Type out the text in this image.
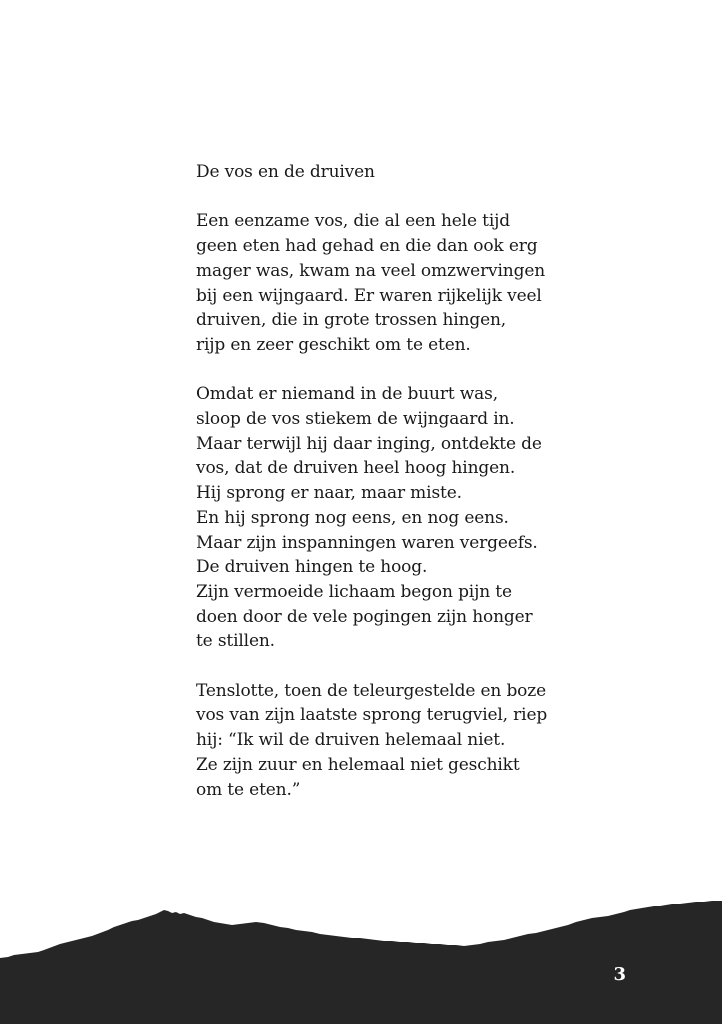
De vos en de druiven
Een eenzame vos, die al een hele tijd
geen eten had gehad en die dan ook erg
mager was, kwam na veel omzwervingen
bij een wijngaard. Er waren rijkelijk veel
druiven, die in grote trossen hingen,
rijp en zeer geschikt om te eten.
Omdat er niemand in de buurt was,
sloop de vos stiekem de wijngaard in.
Maar terwijl hij daar inging, ontdekte de
vos, dat de druiven heel hoog hingen.
Hij sprong er naar, maar miste.
En hij sprong nog eens, en nog eens.
Maar zijn inspanningen waren vergeefs.
De druiven hingen te hoog.
Zijn vermoeide lichaam begon pijn te
doen door de vele pogingen zijn honger
te stillen.
Tenslotte, toen de teleurgestelde en boze
vos van zijn laatste sprong terugviel, riep
hij: “Ik wil de druiven helemaal niet.
Ze zijn zuur en helemaal niet geschikt
om te eten.”
3
